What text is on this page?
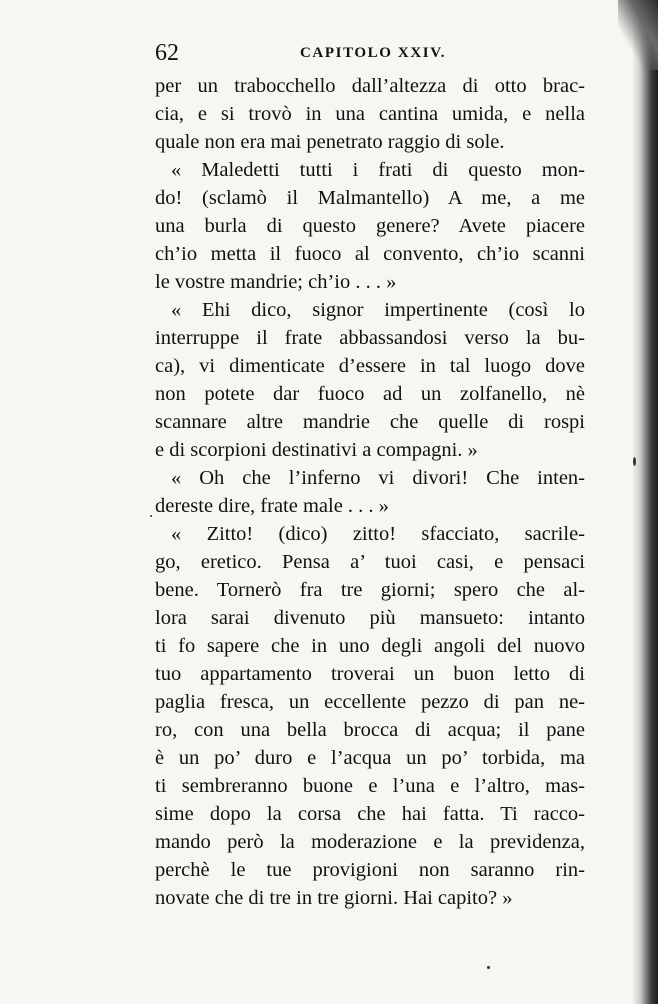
62	CAPITOLO XXIV.
per un trabocchello dall’altezza di otto brac-
cia, e si trovò in una cantina umida, e nella
quale non era mai penetrato raggio di sole.
« Maledetti tutti i frati di questo mon-
do! (sclamò il Malmantello) A me, a me
una burla di questo genere? Avete piacere
ch’io metta il fuoco al convento, ch’io scanni
le vostre mandrie; ch’io . . . »
« Ehi dico, signor impertinente (così lo
interruppe il frate abbassandosi verso la bu-
ca), vi dimenticate d’essere in tal luogo dove
non potete dar fuoco ad un zolfanello, nè
scannare altre mandrie che quelle di rospi
e di scorpioni destinativi a compagni. »
« Oh che l’inferno vi divori! Che inten-
dereste dire, frate male . . . »
« Zitto! (dico) zitto! sfacciato, sacrile-
go, eretico. Pensa a’ tuoi casi, e pensaci
bene. Tornerò fra tre giorni; spero che al-
lora sarai divenuto più mansueto: intanto
ti fo sapere che in uno degli angoli del nuovo
tuo appartamento troverai un buon letto di
paglia fresca, un eccellente pezzo di pan ne-
ro, con una bella brocca di acqua; il pane
è un po’ duro e l’acqua un po’ torbida, ma
ti sembreranno buone e l’una e l’altro, mas-
sime dopo la corsa che hai fatta. Ti racco-
mando però la moderazione e la previdenza,
perchè le tue provigioni non saranno rin-
novate che di tre in tre giorni. Hai capito? »
